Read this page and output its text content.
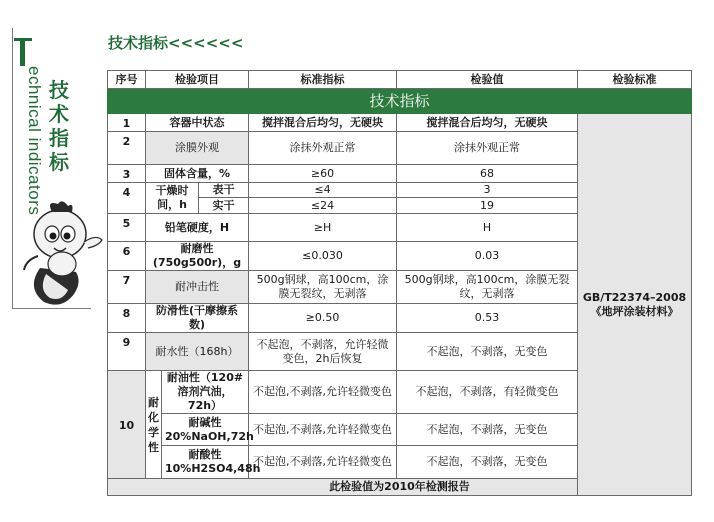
echnical indicators 技术指标
技术指标<<<<<<
技术指标						
序号	检验项目			标准指标	检验值	检验标准
1	容器中状态			搅拌混合后均匀，无硬块	搅拌混合后均匀，无硬块	GB/T22374–2008《地坪涂装材料》
2	涂膜外观			涂抹外观正常	涂抹外观正常	
3	固体含量，%			≥60	68	
4	干燥时间，h		表干	≤4	3	
			实干	≤24	19	
5	铅笔硬度，H			≥H	H	
6	耐磨性(750g500r)，g			≤0.030	0.03	
7	耐冲击性			500g钢球，高100cm，涂膜无裂纹，无剥落	500g钢球，高100cm，涂膜无裂纹，无剥落	
8	防滑性(干摩擦系数)			≥0.50	0.53	
9	耐水性（168h）			不起泡，不剥落，允许轻微变色，2h后恢复	不起泡，不剥落，无变色	
10	耐化学性	耐油性（120#溶剂汽油，72h）		不起泡,不剥落,允许轻微变色	不起泡，不剥落，有轻微变色	
		耐碱性20%NaOH,72h		不起泡,不剥落,允许轻微变色	不起泡，不剥落，无变色	
		耐酸性10%H2SO4,48h		不起泡,不剥落,允许轻微变色	不起泡，不剥落，无变色	
此检验值为2010年检测报告						
